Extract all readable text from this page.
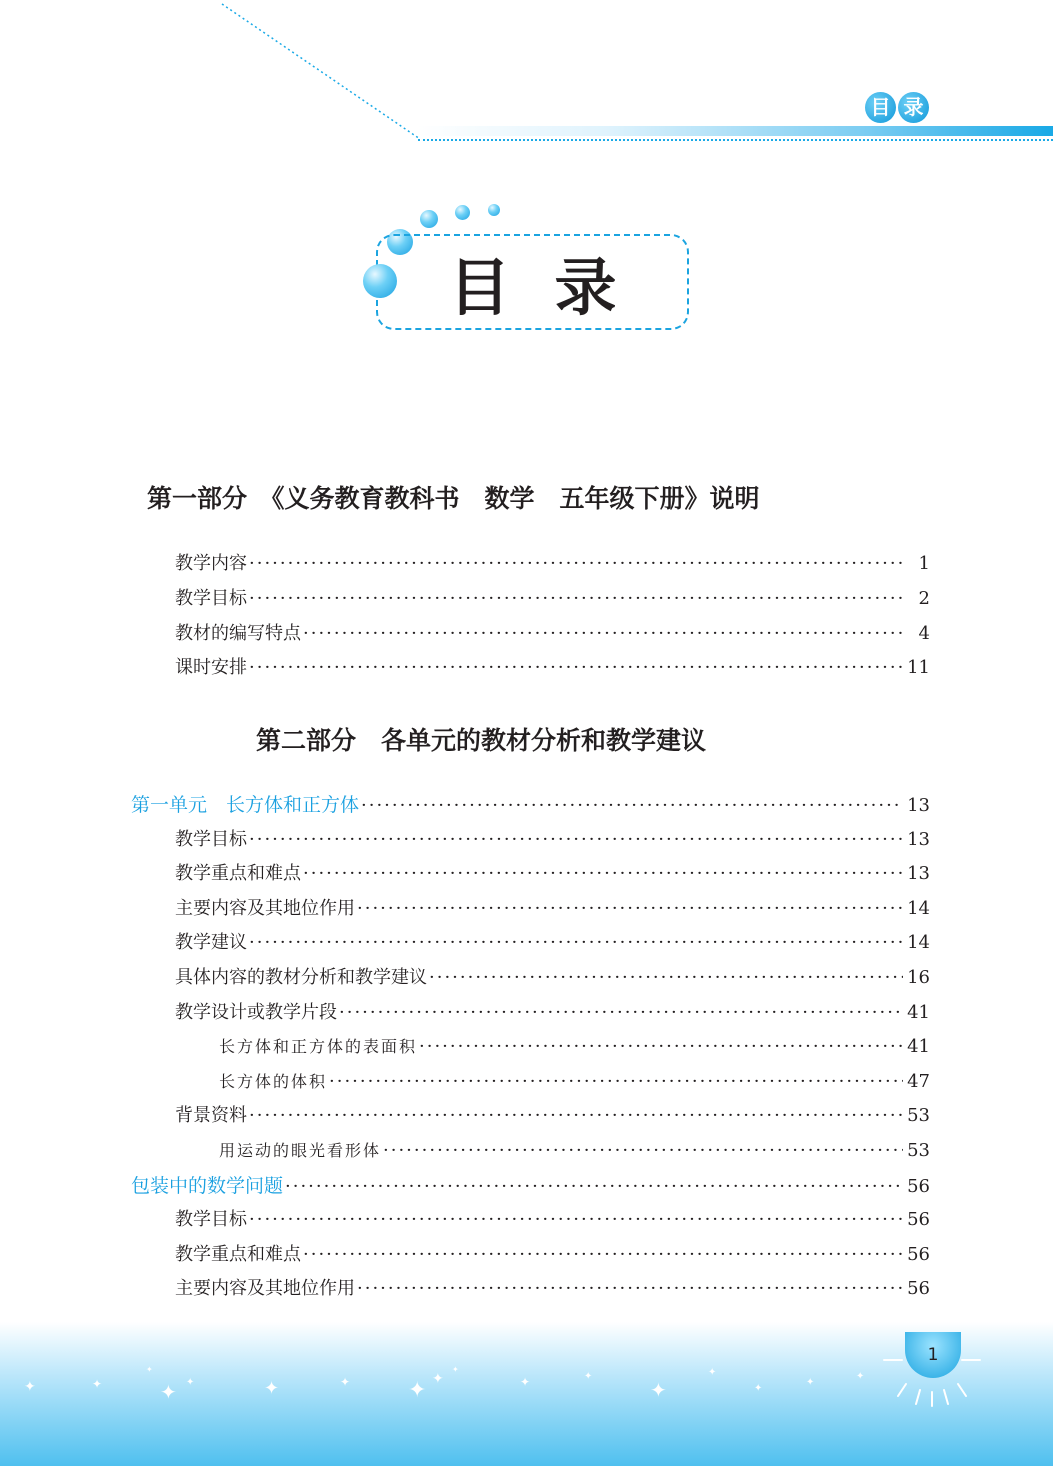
目 录
目录
第一部分　《义务教育教科书　数学　五年级下册》说明
教学内容 ·····	1
教学目标 ·····	2
教材的编写特点 ·····	4
课时安排 ·····	11
第二部分　各单元的教材分析和教学建议
第一单元　长方体和正方体 ·····	13
教学目标 ·····	13
教学重点和难点 ·····	13
主要内容及其地位作用 ·····	14
教学建议 ·····	14
具体内容的教材分析和教学建议 ·····	16
教学设计或教学片段 ·····	41
长方体和正方体的表面积 ·····	41
长方体的体积 ·····	47
背景资料 ·····	53
用运动的眼光看形体 ·····	53
包装中的数学问题 ·····	56
教学目标 ·····	56
教学重点和难点 ·····	56
主要内容及其地位作用 ·····	56
✦	✦	✦ ✦	✦	✦	✦ ✦	✦	✦
✦
✦
✦
✦
✦
✦
✦
1
